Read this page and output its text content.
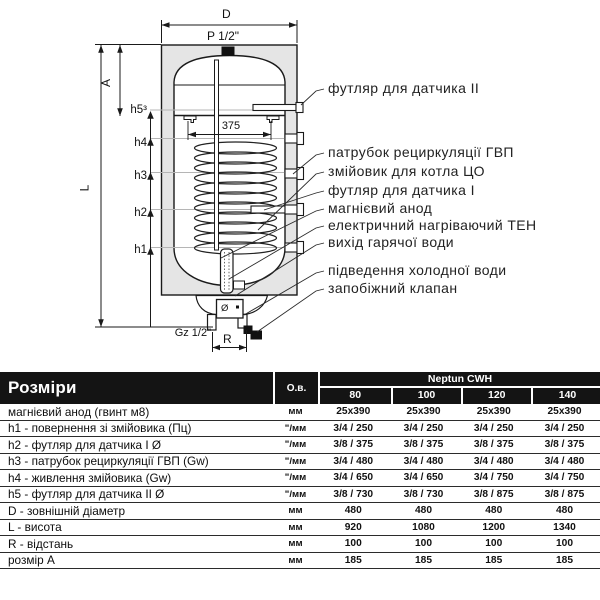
D
P 1/2"
A
L
h5³
h4
h3
h2
h1
375
Gz 1/2" R
Ø
футляр для датчика II
патрубок рециркуляції ГВП
змійовик для котла ЦО
футляр для датчика I
магнієвий анод
електричний нагріваючий ТЕН
вихід гарячої води
підведення холодної води
запобіжний клапан
Розміри	О.в.
Neptun CWH
80	100	120	140
магнієвий анод (гвинт м8)	мм	25x390	25x390	25x390	25x390
h1 - повернення зі змійовика (Пц)	"/мм	3/4 / 250	3/4 / 250	3/4 / 250	3/4 / 250
h2 - футляр для датчика I Ø	"/мм	3/8 / 375	3/8 / 375	3/8 / 375	3/8 / 375
h3 - патрубок рециркуляції ГВП (Gw)	"/мм	3/4 / 480	3/4 / 480	3/4 / 480	3/4 / 480
h4 - живлення змійовика (Gw)	"/мм	3/4 / 650	3/4 / 650	3/4 / 750	3/4 / 750
h5 - футляр для датчика II Ø	"/мм	3/8 / 730	3/8 / 730	3/8 / 875	3/8 / 875
D - зовнішній діаметр	мм	480	480	480	480
L - висота	мм	920	1080	1200	1340
R - відстань	мм	100	100	100	100
розмір A	мм	185	185	185	185
